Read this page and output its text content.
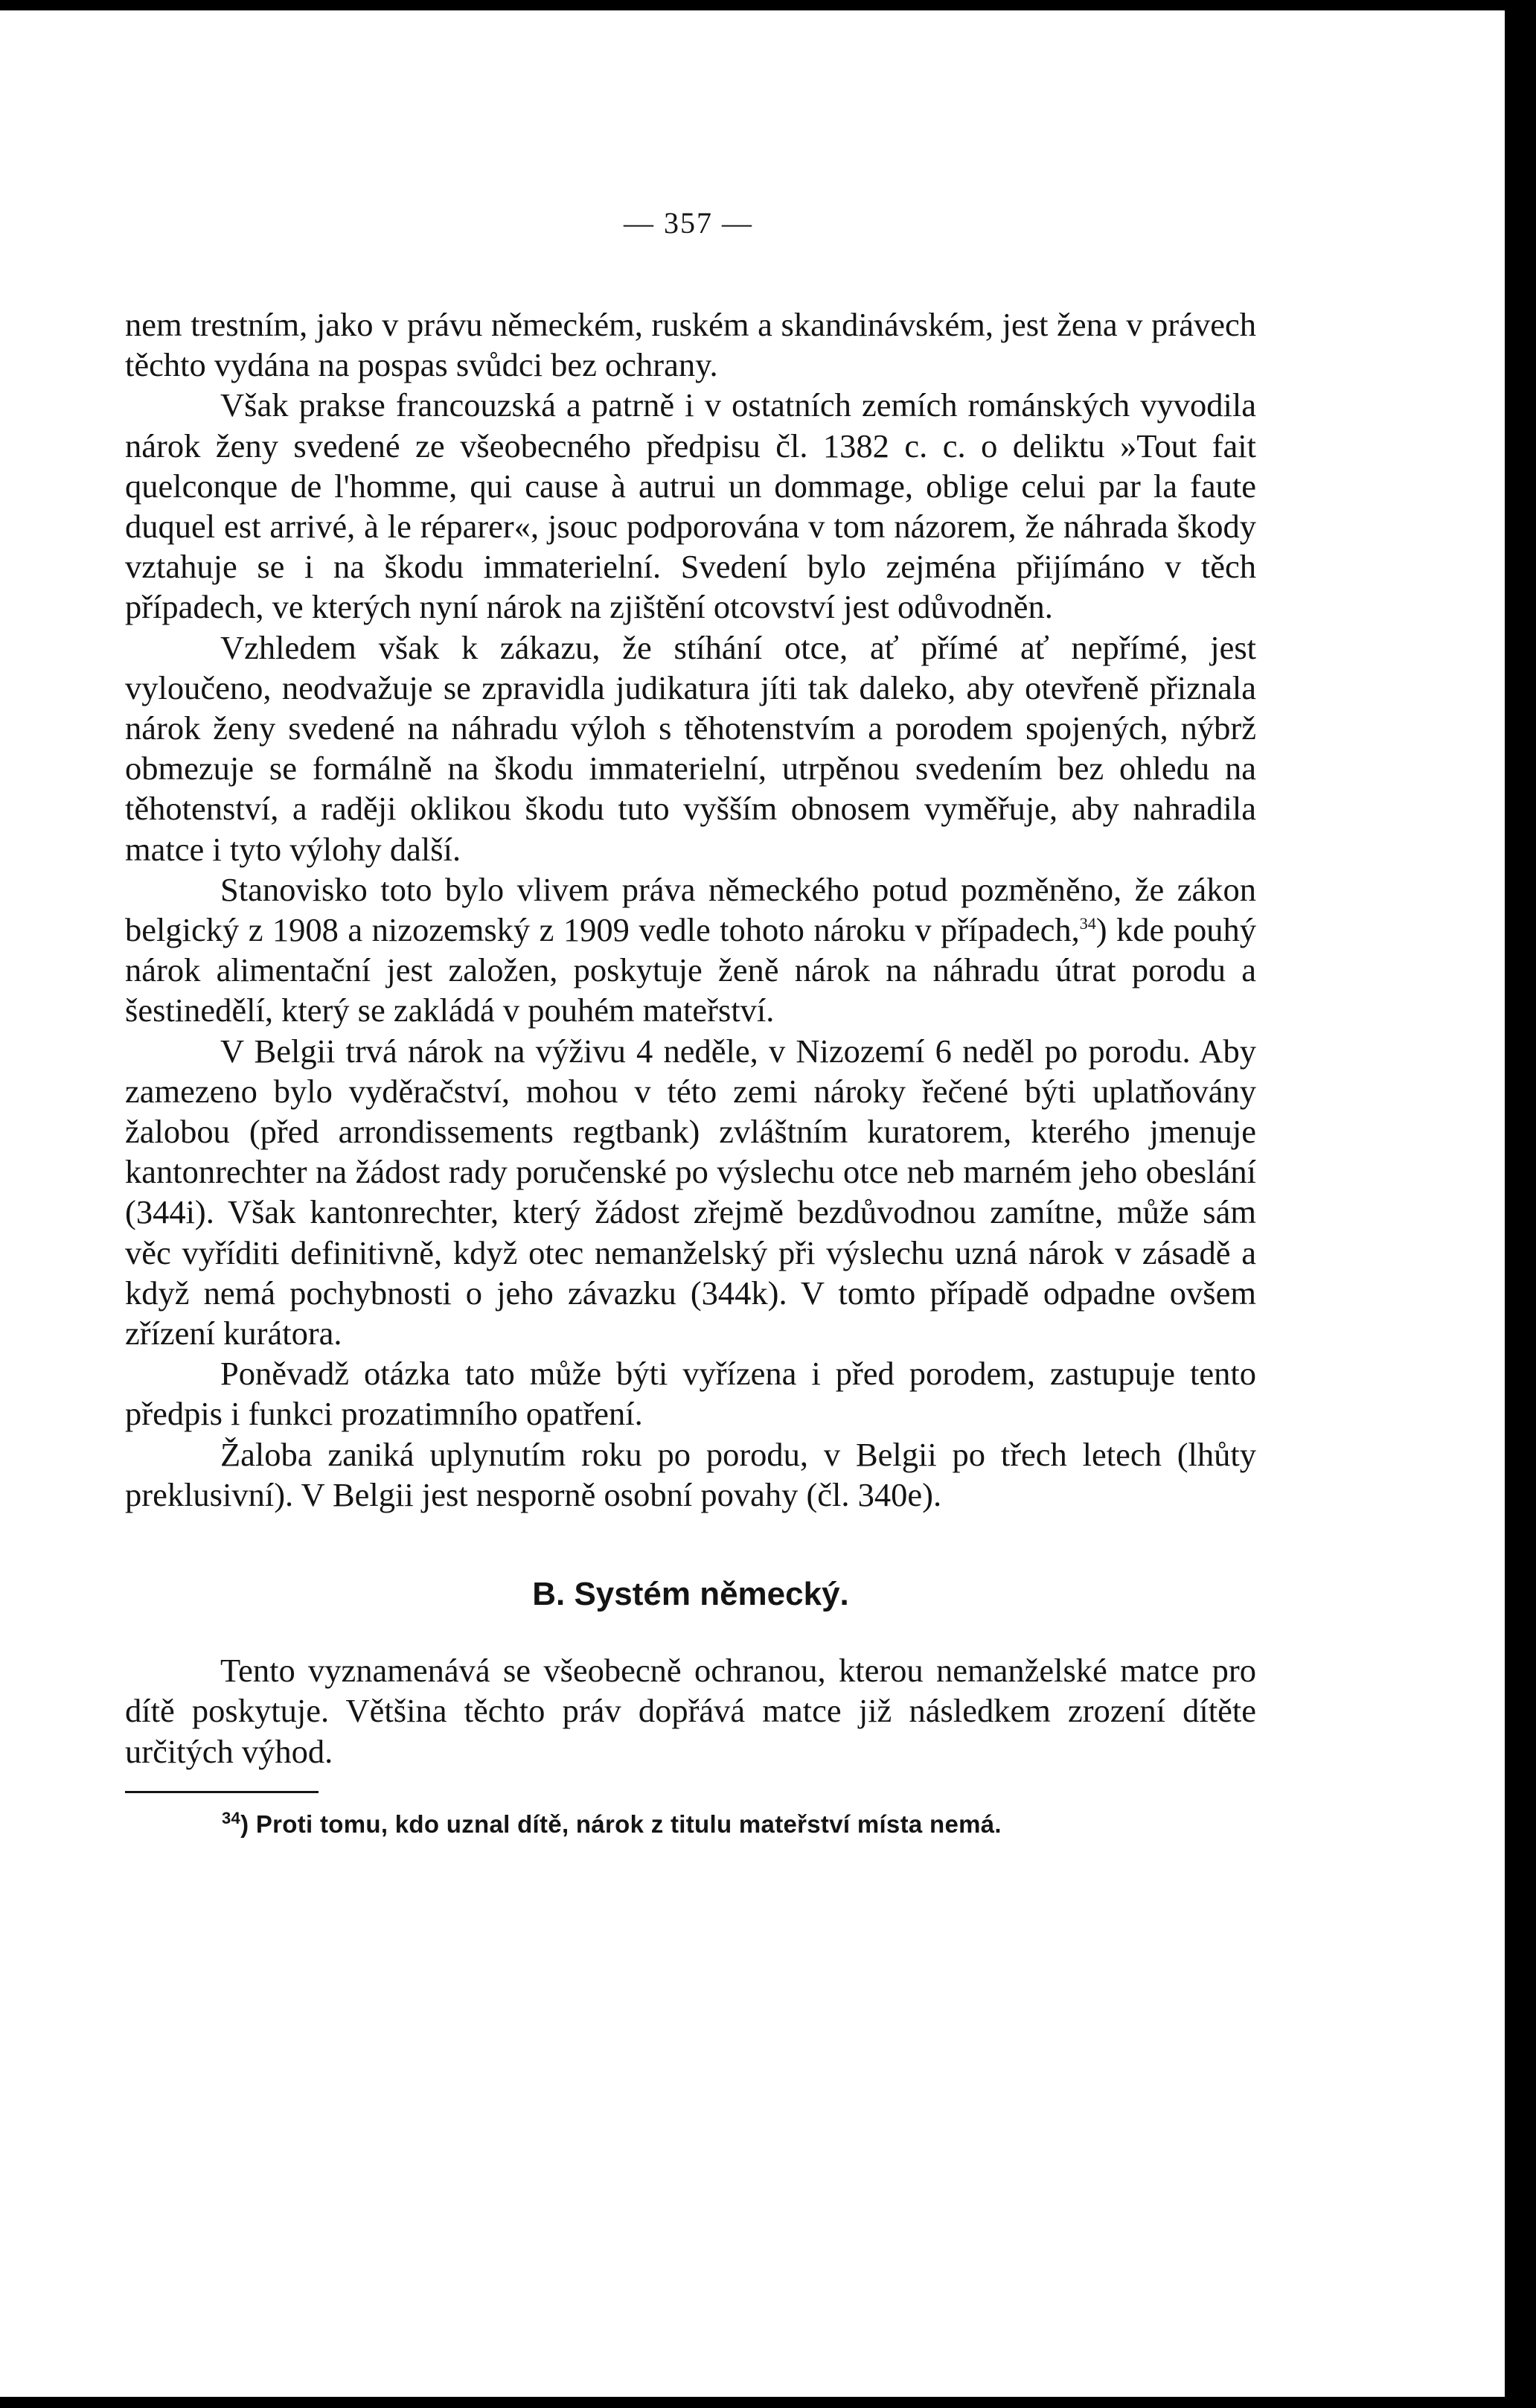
— 357 —

nem trestním, jako v právu německém, ruském a skandinávském, jest žena v právech těchto vydána na pospas svůdci bez ochrany.

Však prakse francouzská a patrně i v ostatních zemích románských vyvodila nárok ženy svedené ze všeobecného předpisu čl. 1382 c. c. o deliktu »Tout fait quelconque de l'homme, qui cause à autrui un dommage, oblige celui par la faute duquel est arrivé, à le réparer«, jsouc podporována v tom názorem, že náhrada škody vztahuje se i na škodu immaterielní. Svedení bylo zejména přijímáno v těch případech, ve kterých nyní nárok na zjištění otcovství jest odůvodněn.

Vzhledem však k zákazu, že stíhání otce, ať přímé ať nepřímé, jest vyloučeno, neodvažuje se zpravidla judikatura jíti tak daleko, aby otevřeně přiznala nárok ženy svedené na náhradu výloh s těhotenstvím a porodem spojených, nýbrž obmezuje se formálně na škodu immaterielní, utrpěnou svedením bez ohledu na těhotenství, a raději oklikou škodu tuto vyšším obnosem vyměřuje, aby nahradila matce i tyto výlohy další.

Stanovisko toto bylo vlivem práva německého potud pozměněno, že zákon belgický z 1908 a nizozemský z 1909 vedle tohoto nároku v případech,$^{34}$) kde pouhý nárok alimentační jest založen, poskytuje ženě nárok na náhradu útrat porodu a šestinedělí, který se zakládá v pouhém mateřství.

V Belgii trvá nárok na výživu 4 neděle, v Nizozemí 6 neděl po porodu. Aby zamezeno bylo vyděračství, mohou v této zemi nároky řečené býti uplatňovány žalobou (před arrondissements regtbank) zvláštním kuratorem, kterého jmenuje kantonrechter na žádost rady poručenské po výslechu otce neb marném jeho obeslání (344i). Však kantonrechter, který žádost zřejmě bezdůvodnou zamítne, může sám věc vyříditi definitivně, když otec nemanželský při výslechu uzná nárok v zásadě a když nemá pochybnosti o jeho závazku (344k). V tomto případě odpadne ovšem zřízení kurátora.

Poněvadž otázka tato může býti vyřízena i před porodem, zastupuje tento předpis i funkci prozatimního opatření.

Žaloba zaniká uplynutím roku po porodu, v Belgii po třech letech (lhůty preklusivní). V Belgii jest nesporně osobní povahy (čl. 340e).

B. Systém německý.

Tento vyznamenává se všeobecně ochranou, kterou nemanželské matce pro dítě poskytuje. Většina těchto práv dopřává matce již následkem zrození dítěte určitých výhod.

$^{34}$) Proti tomu, kdo uznal dítě, nárok z titulu mateřství místa nemá.
